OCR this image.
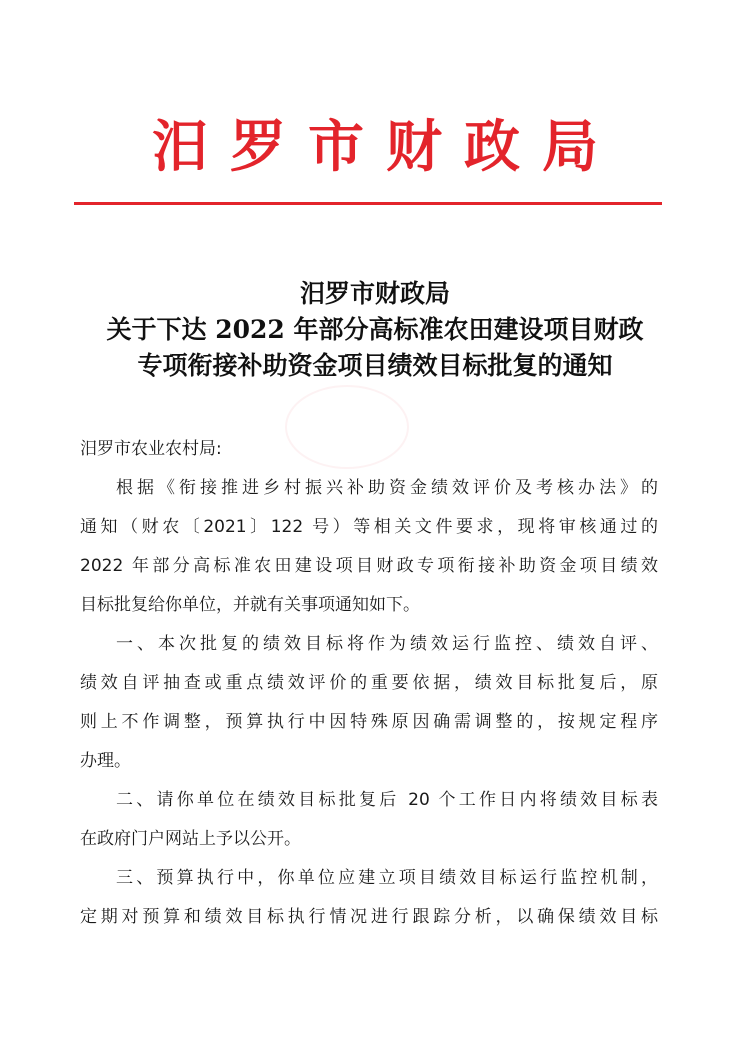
汨罗市财政局
汨罗市财政局
关于下达 2022 年部分高标准农田建设项目财政
专项衔接补助资金项目绩效目标批复的通知
汨罗市农业农村局:
根据《衔接推进乡村振兴补助资金绩效评价及考核办法》的
通知（财农〔2021〕122 号）等相关文件要求，现将审核通过的
2022 年部分高标准农田建设项目财政专项衔接补助资金项目绩效
目标批复给你单位，并就有关事项通知如下。
一、本次批复的绩效目标将作为绩效运行监控、绩效自评、
绩效自评抽查或重点绩效评价的重要依据，绩效目标批复后，原
则上不作调整，预算执行中因特殊原因确需调整的，按规定程序
办理。
二、请你单位在绩效目标批复后 20 个工作日内将绩效目标表
在政府门户网站上予以公开。
三、预算执行中，你单位应建立项目绩效目标运行监控机制，
定期对预算和绩效目标执行情况进行跟踪分析，以确保绩效目标
